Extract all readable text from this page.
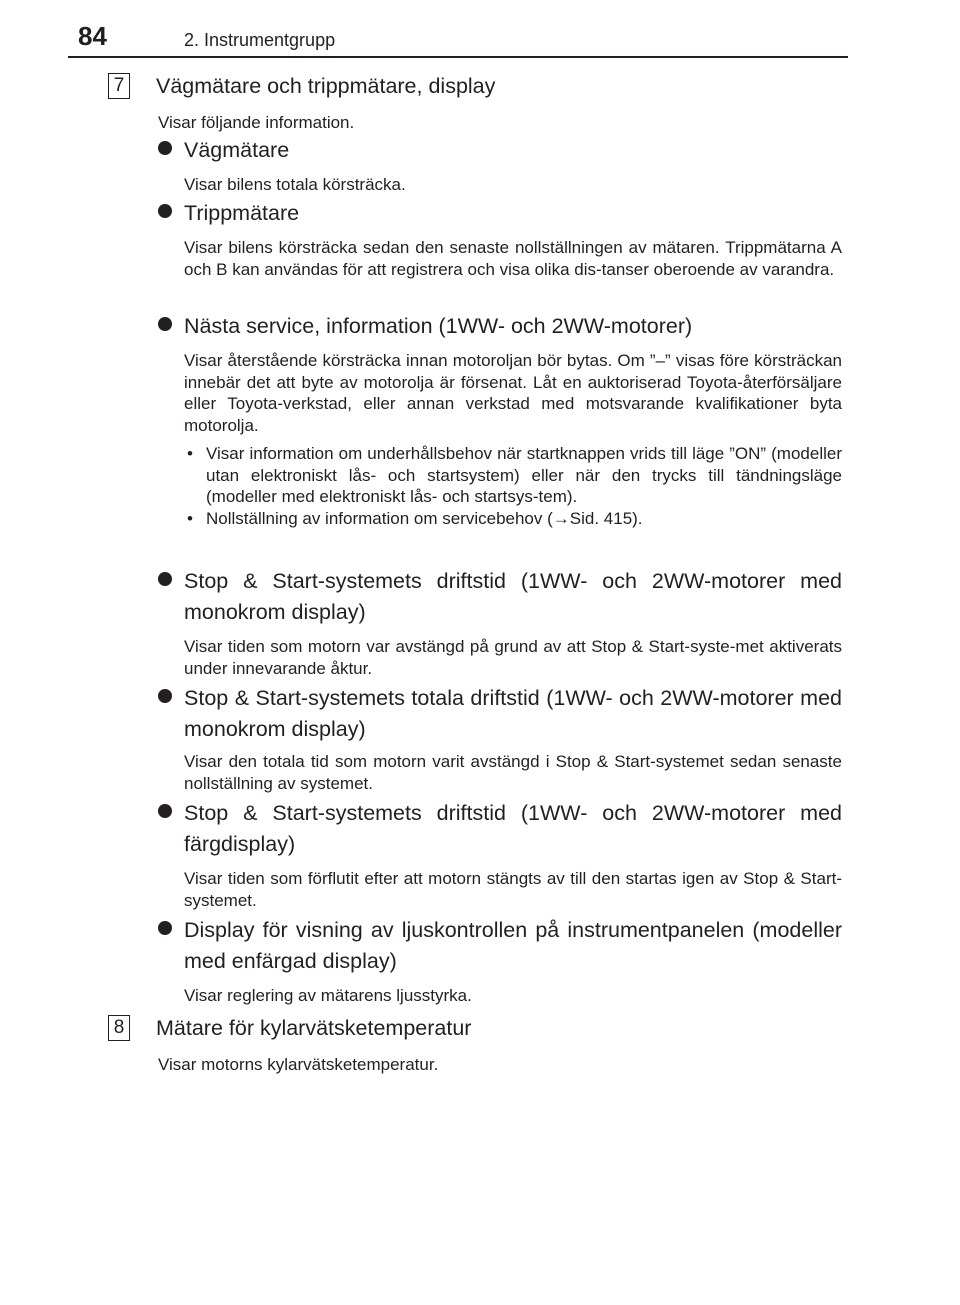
84	2. Instrumentgrupp
7 Vägmätare och trippmätare, display

Visar följande information.

Vägmätare

Visar bilens totala körsträcka.

Trippmätare

Visar bilens körsträcka sedan den senaste nollställningen av mätaren. Trippmätarna A och B kan användas för att registrera och visa olika dis-tanser oberoende av varandra.

Nästa service, information (1WW- och 2WW-motorer)

Visar återstående körsträcka innan motoroljan bör bytas. Om ”–” visas före körsträckan innebär det att byte av motorolja är försenat. Låt en auktoriserad Toyota-återförsäljare eller Toyota-verkstad, eller annan verkstad med motsvarande kvalifikationer byta motorolja.

• Visar information om underhållsbehov när startknappen vrids till läge ”ON” (modeller utan elektroniskt lås- och startsystem) eller när den trycks till tändningsläge (modeller med elektroniskt lås- och startsys-tem).
• Nollställning av information om servicebehov (→Sid. 415).
Stop & Start-systemets driftstid (1WW- och 2WW-motorer med monokrom display)

Visar tiden som motorn var avstängd på grund av att Stop & Start-syste-met aktiverats under innevarande åktur.

Stop & Start-systemets totala driftstid (1WW- och 2WW-motorer med monokrom display)

Visar den totala tid som motorn varit avstängd i Stop & Start-systemet sedan senaste nollställning av systemet.

Stop & Start-systemets driftstid (1WW- och 2WW-motorer med färgdisplay)

Visar tiden som förflutit efter att motorn stängts av till den startas igen av Stop & Start-systemet.

Display för visning av ljuskontrollen på instrumentpanelen (modeller med enfärgad display)

Visar reglering av mätarens ljusstyrka.

8 Mätare för kylarvätsketemperatur

Visar motorns kylarvätsketemperatur.
